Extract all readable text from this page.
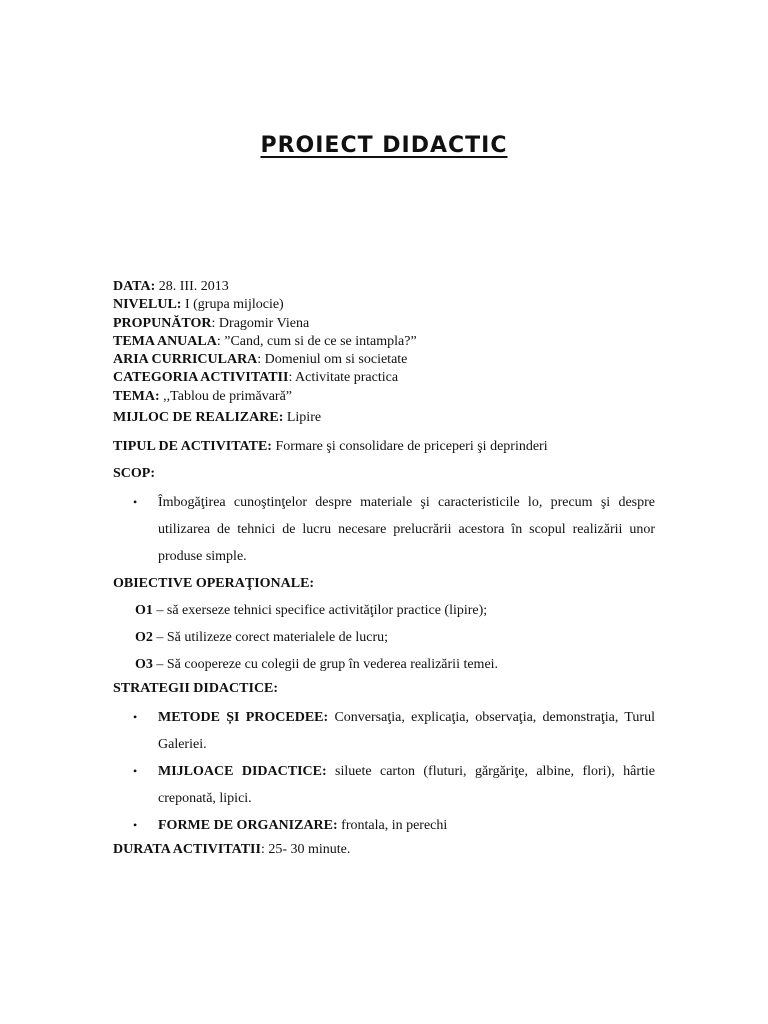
PROIECT DIDACTIC
DATA: 28. III. 2013
NIVELUL: I (grupa mijlocie)
PROPUNĂTOR: Dragomir Viena
TEMA ANUALA: ”Cand, cum si de ce se intampla?”
ARIA CURRICULARA: Domeniul om si societate
CATEGORIA ACTIVITATII: Activitate practica
TEMA: ,,Tablou de primăvară”
MIJLOC DE REALIZARE: Lipire
TIPUL DE ACTIVITATE: Formare şi consolidare de priceperi şi deprinderi
SCOP:
• Îmbogăţirea cunoştinţelor despre materiale şi caracteristicile lo, precum şi despre utilizarea de tehnici de lucru necesare prelucrării acestora în scopul realizării unor produse simple.
OBIECTIVE OPERAŢIONALE:
O1 – să exerseze tehnici specifice activităţilor practice (lipire);
O2 – Să utilizeze corect materialele de lucru;
O3 – Să coopereze cu colegii de grup în vederea realizării temei.
STRATEGII DIDACTICE:
• METODE ȘI PROCEDEE: Conversaţia, explicaţia, observaţia, demonstraţia, Turul Galeriei.
• MIJLOACE DIDACTICE: siluete carton (fluturi, gărgăriţe, albine, flori), hârtie creponată, lipici.
• FORME DE ORGANIZARE: frontala, in perechi
DURATA ACTIVITATII: 25- 30 minute.
